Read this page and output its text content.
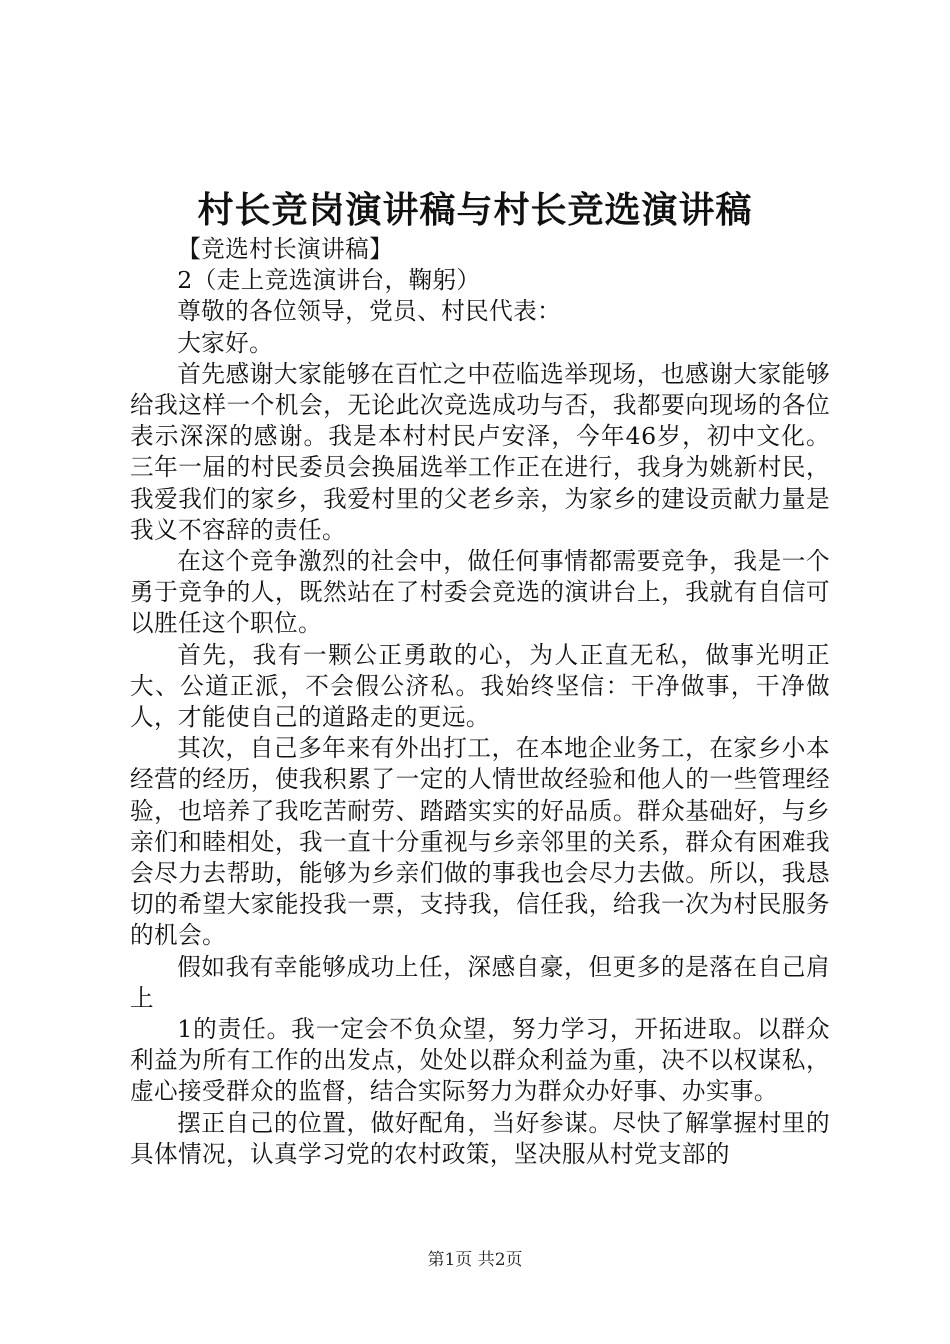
村长竞岗演讲稿与村长竞选演讲稿

【竞选村长演讲稿】

2（走上竞选演讲台，鞠躬）

尊敬的各位领导，党员、村民代表：

大家好。

首先感谢大家能够在百忙之中莅临选举现场，也感谢大家能够给我这样一个机会，无论此次竞选成功与否，我都要向现场的各位表示深深的感谢。我是本村村民卢安泽，今年46岁，初中文化。三年一届的村民委员会换届选举工作正在进行，我身为姚新村民，我爱我们的家乡，我爱村里的父老乡亲，为家乡的建设贡献力量是我义不容辞的责任。

在这个竞争激烈的社会中，做任何事情都需要竞争，我是一个勇于竞争的人，既然站在了村委会竞选的演讲台上，我就有自信可以胜任这个职位。

首先，我有一颗公正勇敢的心，为人正直无私，做事光明正大、公道正派，不会假公济私。我始终坚信：干净做事，干净做人，才能使自己的道路走的更远。

其次，自己多年来有外出打工，在本地企业务工，在家乡小本经营的经历，使我积累了一定的人情世故经验和他人的一些管理经验，也培养了我吃苦耐劳、踏踏实实的好品质。群众基础好，与乡亲们和睦相处，我一直十分重视与乡亲邻里的关系，群众有困难我会尽力去帮助，能够为乡亲们做的事我也会尽力去做。所以，我恳切的希望大家能投我一票，支持我，信任我，给我一次为村民服务的机会。

假如我有幸能够成功上任，深感自豪，但更多的是落在自己肩上

1的责任。我一定会不负众望，努力学习，开拓进取。以群众利益为所有工作的出发点，处处以群众利益为重，决不以权谋私，虚心接受群众的监督，结合实际努力为群众办好事、办实事。

摆正自己的位置，做好配角，当好参谋。尽快了解掌握村里的具体情况，认真学习党的农村政策，坚决服从村党支部的

第1页 共2页
